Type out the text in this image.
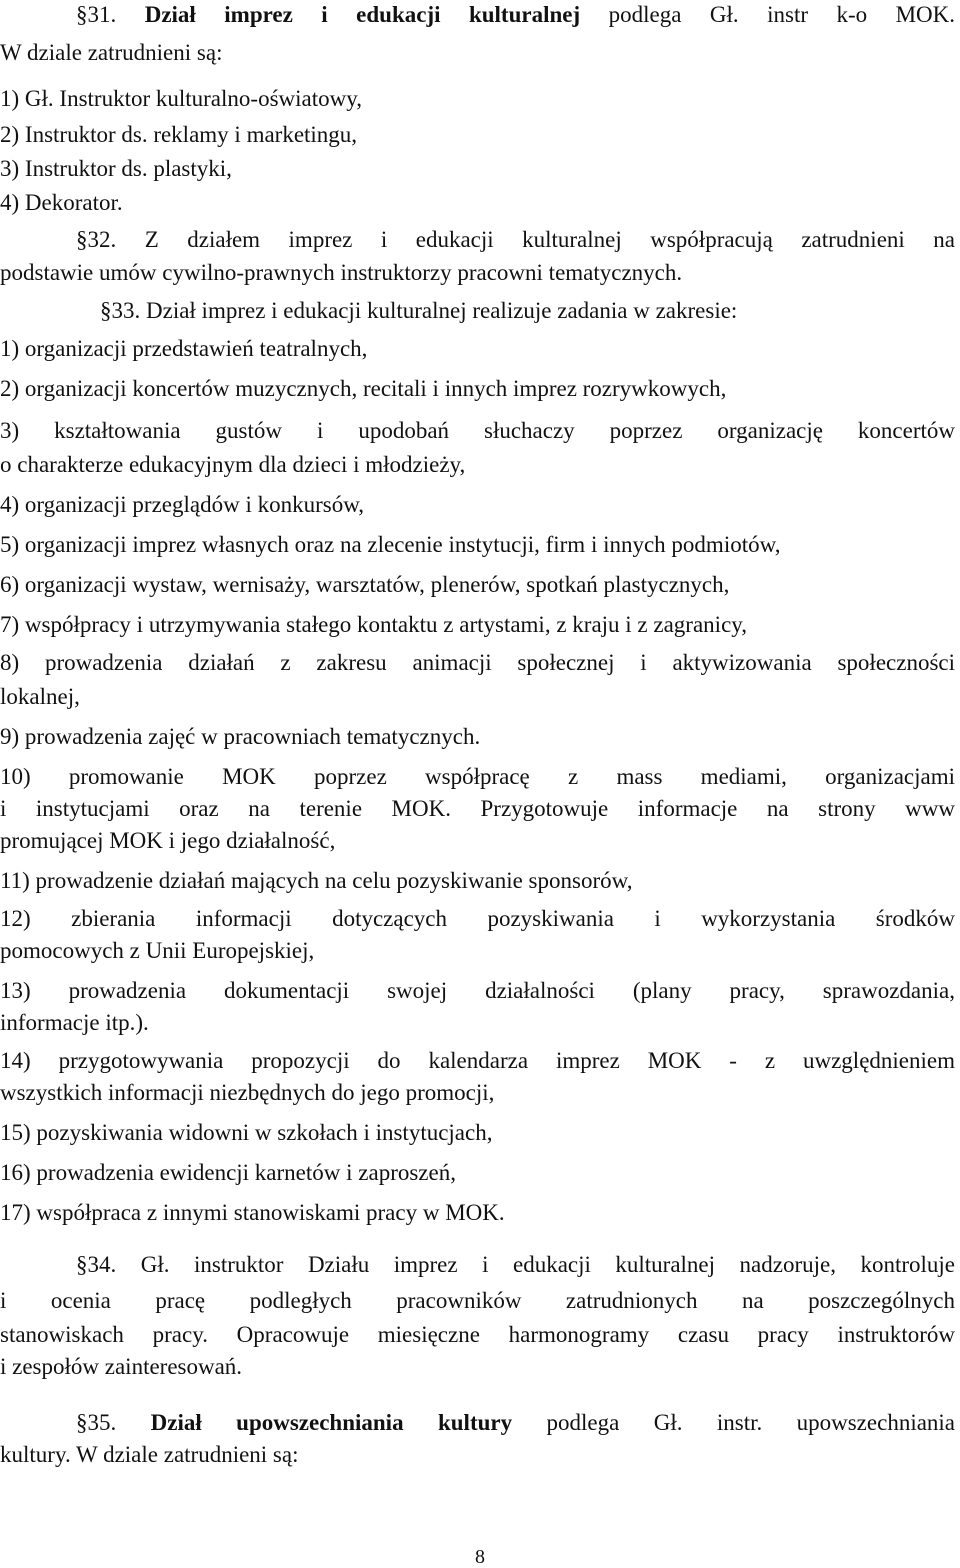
§31. Dział imprez i edukacji kulturalnej podlega Gł. instr k-o MOK.
W dziale zatrudnieni są:
1) Gł. Instruktor kulturalno-oświatowy,
2) Instruktor ds. reklamy i marketingu,
3) Instruktor ds. plastyki,
4) Dekorator.
§32. Z działem imprez i edukacji kulturalnej współpracują zatrudnieni na
podstawie umów cywilno-prawnych instruktorzy pracowni tematycznych.
§33. Dział imprez i edukacji kulturalnej realizuje zadania w zakresie:
1) organizacji przedstawień teatralnych,
2) organizacji koncertów muzycznych, recitali i innych imprez rozrywkowych,
3) kształtowania gustów i upodobań słuchaczy poprzez organizację koncertów
o charakterze edukacyjnym dla dzieci i młodzieży,
4) organizacji przeglądów i konkursów,
5) organizacji imprez własnych oraz na zlecenie instytucji, firm i innych podmiotów,
6) organizacji wystaw, wernisaży, warsztatów, plenerów, spotkań plastycznych,
7) współpracy i utrzymywania stałego kontaktu z artystami, z kraju i z zagranicy,
8) prowadzenia działań z zakresu animacji społecznej i aktywizowania społeczności
lokalnej,
9) prowadzenia zajęć w pracowniach tematycznych.
10) promowanie MOK poprzez współpracę z mass mediami, organizacjami
i instytucjami oraz na terenie MOK. Przygotowuje informacje na strony www
promującej MOK i jego działalność,
11) prowadzenie działań mających na celu pozyskiwanie sponsorów,
12) zbierania informacji dotyczących pozyskiwania i wykorzystania środków
pomocowych z Unii Europejskiej,
13) prowadzenia dokumentacji swojej działalności (plany pracy, sprawozdania,
informacje itp.).
14) przygotowywania propozycji do kalendarza imprez MOK - z uwzględnieniem
wszystkich informacji niezbędnych do jego promocji,
15) pozyskiwania widowni w szkołach i instytucjach,
16) prowadzenia ewidencji karnetów i zaproszeń,
17) współpraca z innymi stanowiskami pracy w MOK.
§34. Gł. instruktor Działu imprez i edukacji kulturalnej nadzoruje, kontroluje
i ocenia pracę podległych pracowników zatrudnionych na poszczególnych
stanowiskach pracy. Opracowuje miesięczne harmonogramy czasu pracy instruktorów
i zespołów zainteresowań.
§35. Dział upowszechniania kultury podlega Gł. instr. upowszechniania
kultury. W dziale zatrudnieni są:
8
